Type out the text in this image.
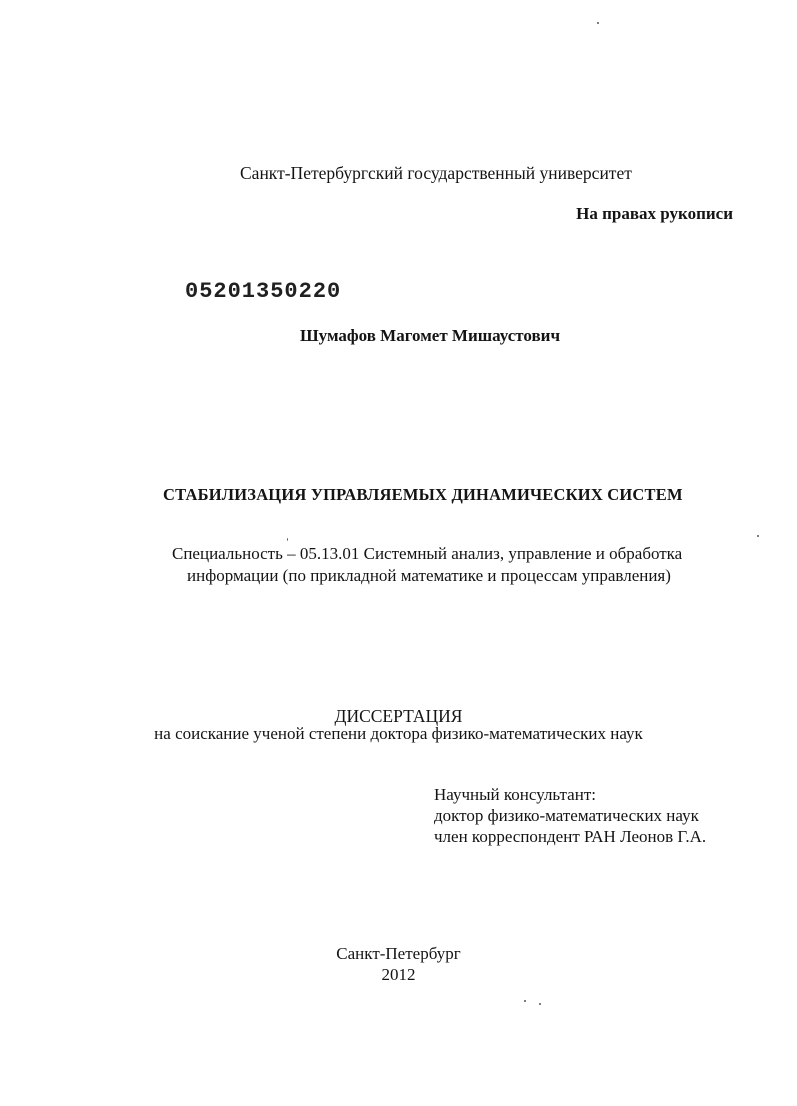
Санкт-Петербургский государственный университет
На правах рукописи
05201350220
Шумафов Магомет Мишаустович
СТАБИЛИЗАЦИЯ УПРАВЛЯЕМЫХ ДИНАМИЧЕСКИХ СИСТЕМ
Специальность – 05.13.01 Системный анализ, управление и обработка
информации (по прикладной математике и процессам управления)
ДИССЕРТАЦИЯ
на соискание ученой степени доктора физико-математических наук
Научный консультант:
доктор физико-математических наук
член корреспондент РАН Леонов Г.А.
Санкт-Петербург
2012
